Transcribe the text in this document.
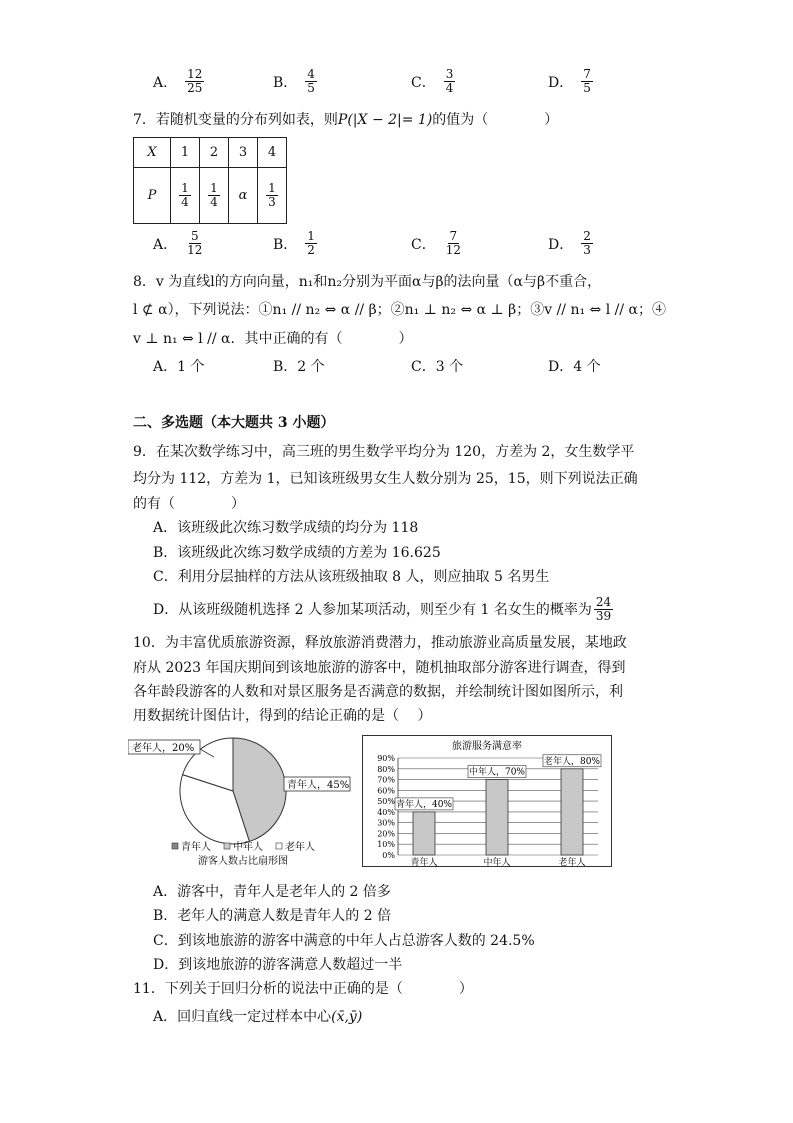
A． $\frac{12}{25}$	B． $\frac{4}{5}$	C． $\frac{3}{4}$	D． $\frac{7}{5}$
7．若随机变量的分布列如表，则P(|X − 2|= 1)的值为（　　　　）
X	1	2	3	4
P	$\frac{1}{4}$	$\frac{1}{4}$	α	$\frac{1}{3}$
A． $\frac{5}{12}$	B． $\frac{1}{2}$	C． $\frac{7}{12}$	D． $\frac{2}{3}$
8．v 为直线l的方向向量，n₁和n₂分别为平面α与β的法向量（α与β不重合，
l ⊄ α），下列说法：①n₁ // n₂ ⇔ α // β；②n₁ ⊥ n₂ ⇔ α ⊥ β；③v // n₁ ⇔ l // α；④
v ⊥ n₁ ⇔ l // α．其中正确的有（　　　　）
A．1 个	B．2 个	C．3 个	D．4 个
二、多选题（本大题共 3 小题）
9．在某次数学练习中，高三班的男生数学平均分为 120，方差为 2，女生数学平
均分为 112，方差为 1，已知该班级男女生人数分别为 25，15，则下列说法正确
的有（　　　　）
A．该班级此次练习数学成绩的均分为 118
B．该班级此次练习数学成绩的方差为 16.625
C．利用分层抽样的方法从该班级抽取 8 人，则应抽取 5 名男生
D．从该班级随机选择 2 人参加某项活动，则至少有 1 名女生的概率为 $\frac{24}{39}$
10．为丰富优质旅游资源，释放旅游消费潜力，推动旅游业高质量发展，某地政
府从 2023 年国庆期间到该地旅游的游客中，随机抽取部分游客进行调查，得到
各年龄段游客的人数和对景区服务是否满意的数据，并绘制统计图如图所示，利
用数据统计图估计，得到的结论正确的是（　 ）
老年人，20%
青年人，45%
青年人 中年人 老年人
游客人数占比扇形图
旅游服务满意率
0%
10%
20%
30%
40%
50%
60%
70%
80%
90%
青年人，40%
青年人
中年人，70%
中年人
老年人，80%
老年人
A．游客中，青年人是老年人的 2 倍多
B．老年人的满意人数是青年人的 2 倍
C．到该地旅游的游客中满意的中年人占总游客人数的 24.5%
D．到该地旅游的游客满意人数超过一半
11．下列关于回归分析的说法中正确的是（　　　　）
A．回归直线一定过样本中心(x̄,ȳ)
